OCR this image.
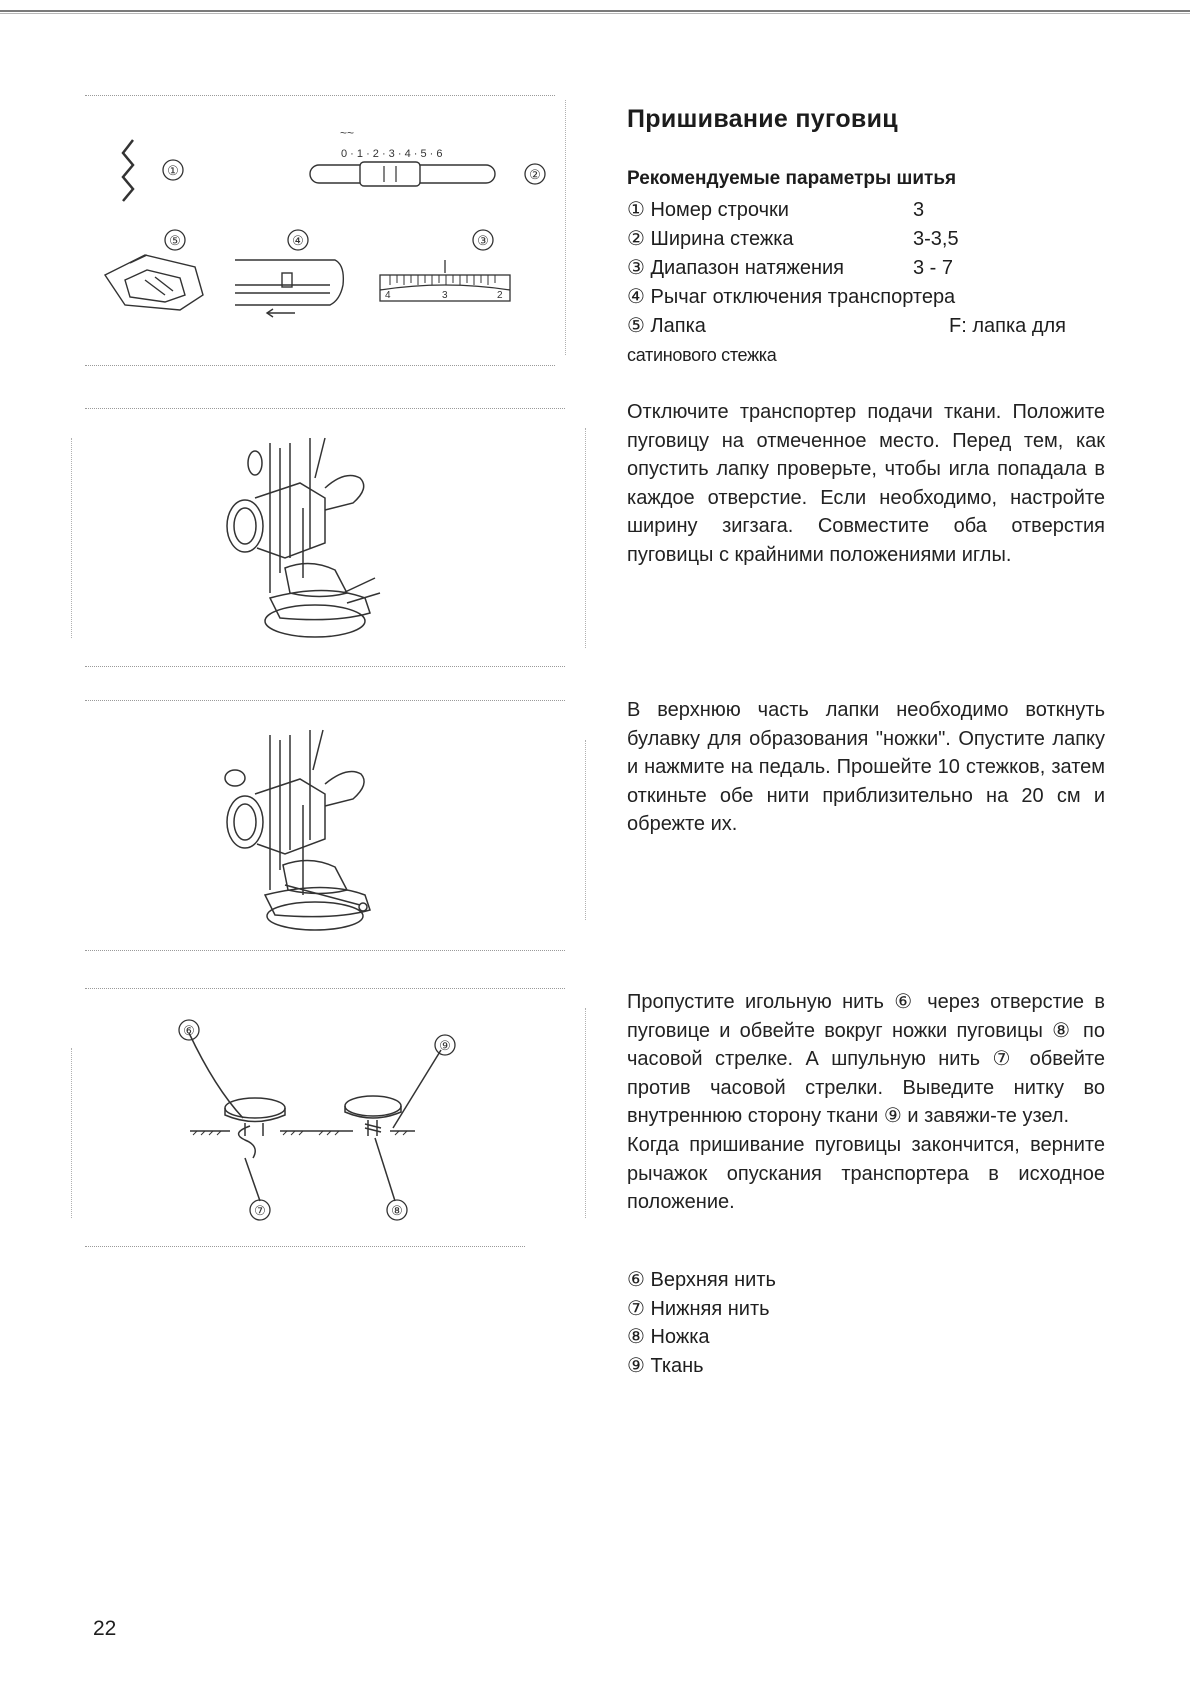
①
~~
0 · 1 · 2 · 3 · 4 · 5 · 6
②
⑤	④	③
4	3	2
⑥
⑨
⑦	⑧
Пришивание пуговиц
Рекомендуемые параметры шитья
① Номер строчки	3
② Ширина стежка	3-3,5
③ Диапазон натяжения	3 - 7
④ Рычаг отключения транспортера
⑤ Лапка	F: лапка для
сатинового стежка

Отключите транспортер подачи ткани. Положите пуговицу на отмеченное место. Перед тем, как опустить лапку проверьте, чтобы игла попадала в каждое отверстие. Если необходимо, настройте ширину зигзага. Совместите оба отверстия пуговицы с крайними положениями иглы.

В верхнюю часть лапки необходимо воткнуть булавку для образования "ножки". Опустите лапку и нажмите на педаль. Прошейте 10 стежков, затем откиньте обе нити приблизительно на 20 см и обрежте их.

Пропустите игольную нить ⑥ через отверстие в пуговице и обвейте вокруг ножки пуговицы ⑧ по часовой стрелке. А шпульную нить ⑦ обвейте против часовой стрелки. Выведите нитку во внутреннюю сторону ткани ⑨ и завяжи-те узел.

Когда пришивание пуговицы закончится, верните рычажок опускания транспортера в исходное положение.

⑥ Верхняя нить
⑦ Нижняя нить
⑧ Ножка
⑨ Ткань
22
